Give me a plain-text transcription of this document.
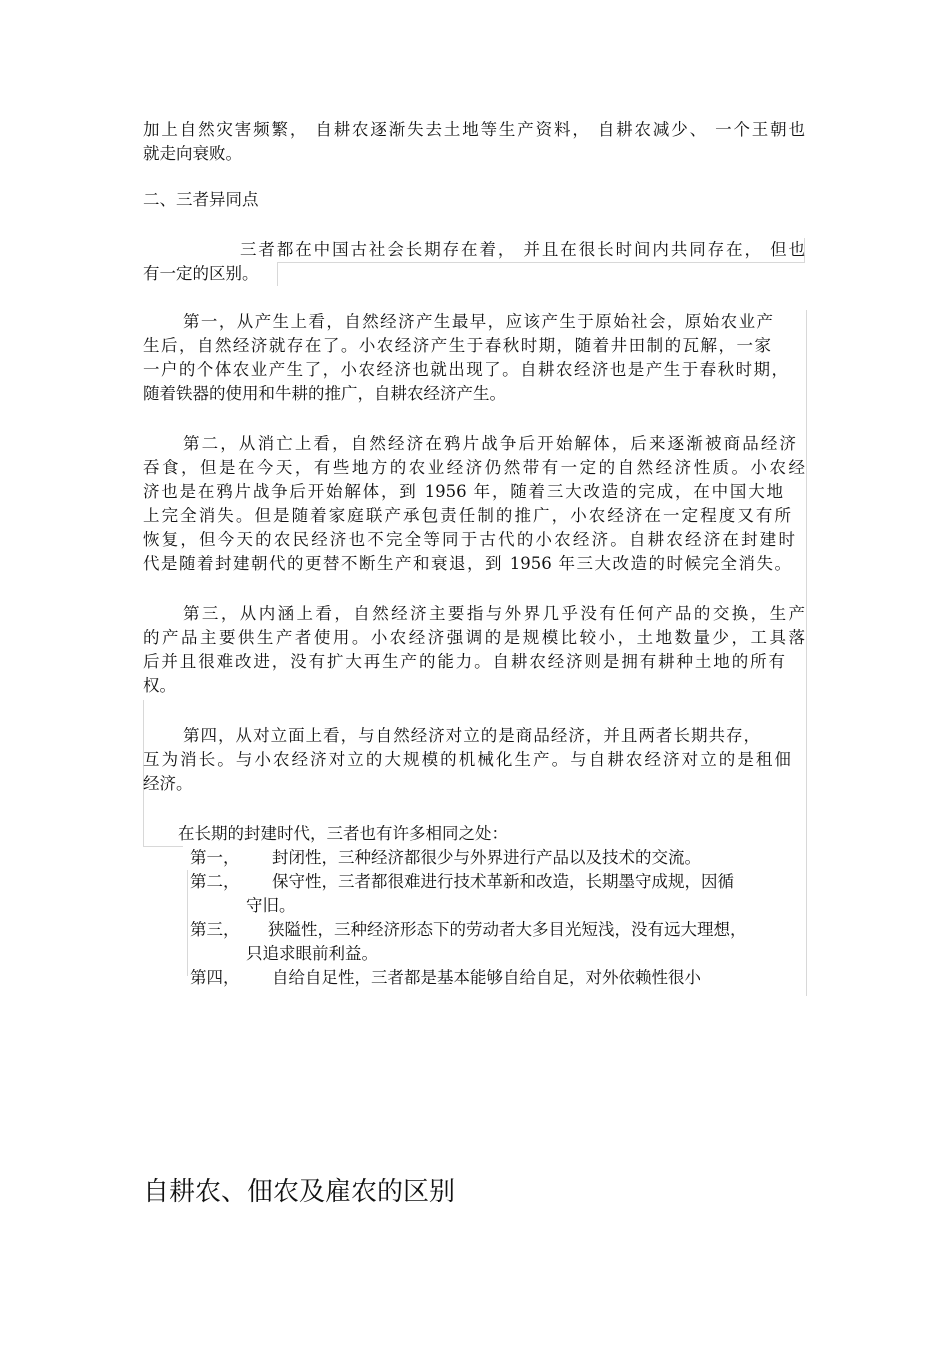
加上自然灾害频繁， 自耕农逐渐失去土地等生产资料， 自耕农减少、 一个王朝也
就走向衰败。
二、三者异同点
三者都在中国古社会长期存在着， 并且在很长时间内共同存在， 但也
有一定的区别。
第一，从产生上看，自然经济产生最早，应该产生于原始社会，原始农业产
生后，自然经济就存在了。小农经济产生于春秋时期，随着井田制的瓦解，一家
一户的个体农业产生了，小农经济也就出现了。自耕农经济也是产生于春秋时期，
随着铁器的使用和牛耕的推广，自耕农经济产生。
第二，从消亡上看，自然经济在鸦片战争后开始解体，后来逐渐被商品经济
吞食，但是在今天，有些地方的农业经济仍然带有一定的自然经济性质。小农经
济也是在鸦片战争后开始解体，到 1956 年，随着三大改造的完成，在中国大地
上完全消失。但是随着家庭联产承包责任制的推广，小农经济在一定程度又有所
恢复，但今天的农民经济也不完全等同于古代的小农经济。自耕农经济在封建时
代是随着封建朝代的更替不断生产和衰退，到 1956 年三大改造的时候完全消失。
第三，从内涵上看，自然经济主要指与外界几乎没有任何产品的交换，生产
的产品主要供生产者使用。小农经济强调的是规模比较小，土地数量少，工具落
后并且很难改进，没有扩大再生产的能力。自耕农经济则是拥有耕种土地的所有
权。
第四，从对立面上看，与自然经济对立的是商品经济，并且两者长期共存，
互为消长。与小农经济对立的大规模的机械化生产。与自耕农经济对立的是租佃
经济。
在长期的封建时代，三者也有许多相同之处：
第一，	封闭性，三种经济都很少与外界进行产品以及技术的交流。
第二，	保守性，三者都很难进行技术革新和改造，长期墨守成规，因循
守旧。
第三，	狭隘性，三种经济形态下的劳动者大多目光短浅，没有远大理想，
只追求眼前利益。
第四，	自给自足性，三者都是基本能够自给自足，对外依赖性很小
自耕农、佃农及雇农的区别
